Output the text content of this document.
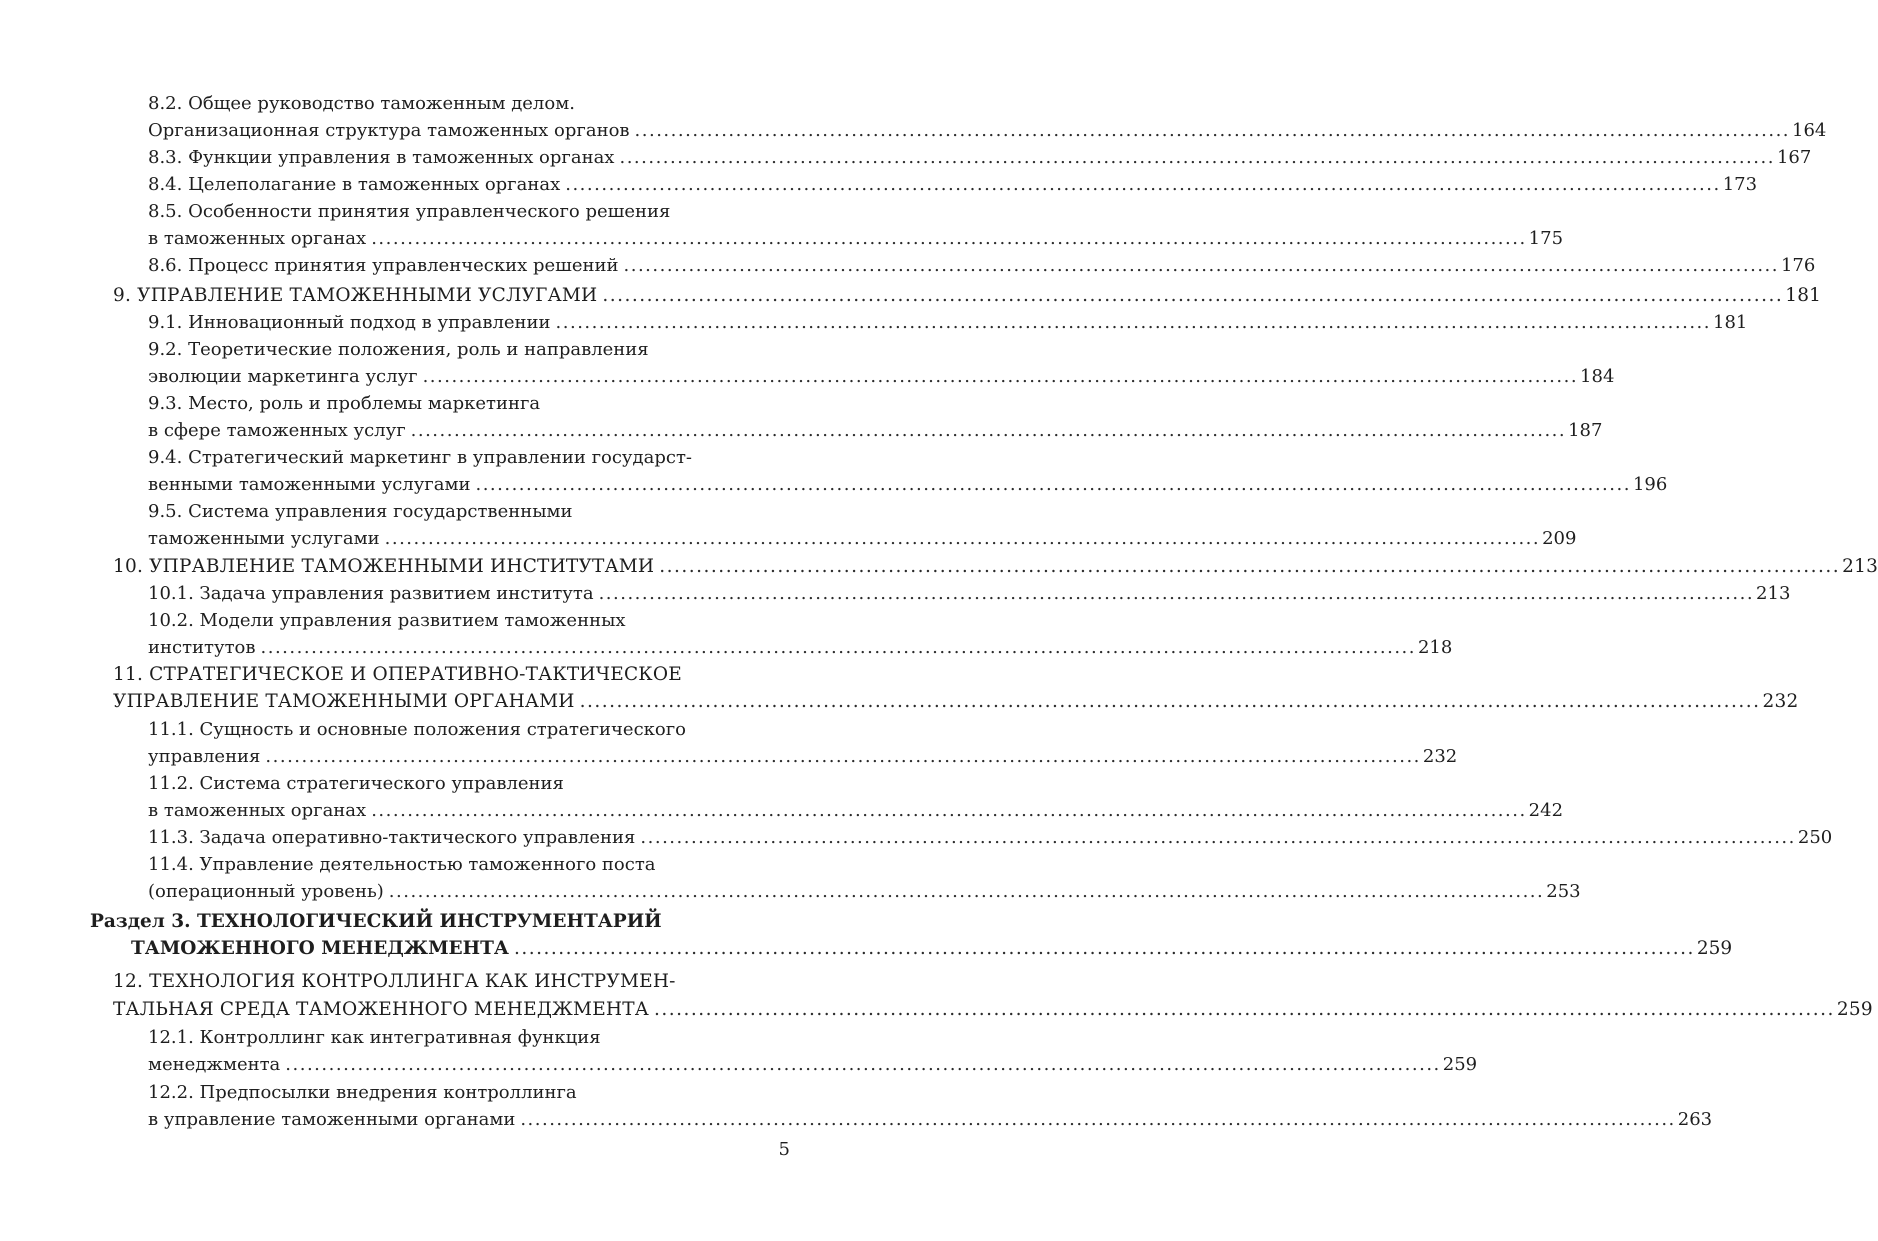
8.2. Общее руководство таможенным делом.
Организационная структура таможенных органов ................................................................................................................................................................ 164
8.3. Функции управления в таможенных органах ................................................................................................................................................................ 167
8.4. Целеполагание в таможенных органах ................................................................................................................................................................ 173
8.5. Особенности принятия управленческого решения
в таможенных органах ................................................................................................................................................................ 175
8.6. Процесс принятия управленческих решений ................................................................................................................................................................ 176
9. УПРАВЛЕНИЕ ТАМОЖЕННЫМИ УСЛУГАМИ ................................................................................................................................................................ 181
9.1. Инновационный подход в управлении ................................................................................................................................................................ 181
9.2. Теоретические положения, роль и направления
эволюции маркетинга услуг ................................................................................................................................................................ 184
9.3. Место, роль и проблемы маркетинга
в сфере таможенных услуг ................................................................................................................................................................ 187
9.4. Стратегический маркетинг в управлении государст-
венными таможенными услугами ................................................................................................................................................................ 196
9.5. Система управления государственными
таможенными услугами ................................................................................................................................................................ 209
10. УПРАВЛЕНИЕ ТАМОЖЕННЫМИ ИНСТИТУТАМИ ................................................................................................................................................................ 213
10.1. Задача управления развитием института ................................................................................................................................................................ 213
10.2. Модели управления развитием таможенных
институтов ................................................................................................................................................................ 218
11. СТРАТЕГИЧЕСКОЕ И ОПЕРАТИВНО-ТАКТИЧЕСКОЕ
УПРАВЛЕНИЕ ТАМОЖЕННЫМИ ОРГАНАМИ ................................................................................................................................................................ 232
11.1. Сущность и основные положения стратегического
управления ................................................................................................................................................................ 232
11.2. Система стратегического управления
в таможенных органах ................................................................................................................................................................ 242
11.3. Задача оперативно-тактического управления ................................................................................................................................................................ 250
11.4. Управление деятельностью таможенного поста
(операционный уровень) ................................................................................................................................................................ 253
Раздел 3. ТЕХНОЛОГИЧЕСКИЙ ИНСТРУМЕНТАРИЙ
ТАМОЖЕННОГО МЕНЕДЖМЕНТА ................................................................................................................................................................ 259
12. ТЕХНОЛОГИЯ КОНТРОЛЛИНГА КАК ИНСТРУМЕН-
ТАЛЬНАЯ СРЕДА ТАМОЖЕННОГО МЕНЕДЖМЕНТА ................................................................................................................................................................ 259
12.1. Контроллинг как интегративная функция
менеджмента ................................................................................................................................................................ 259
12.2. Предпосылки внедрения контроллинга
в управление таможенными органами ................................................................................................................................................................ 263
5
